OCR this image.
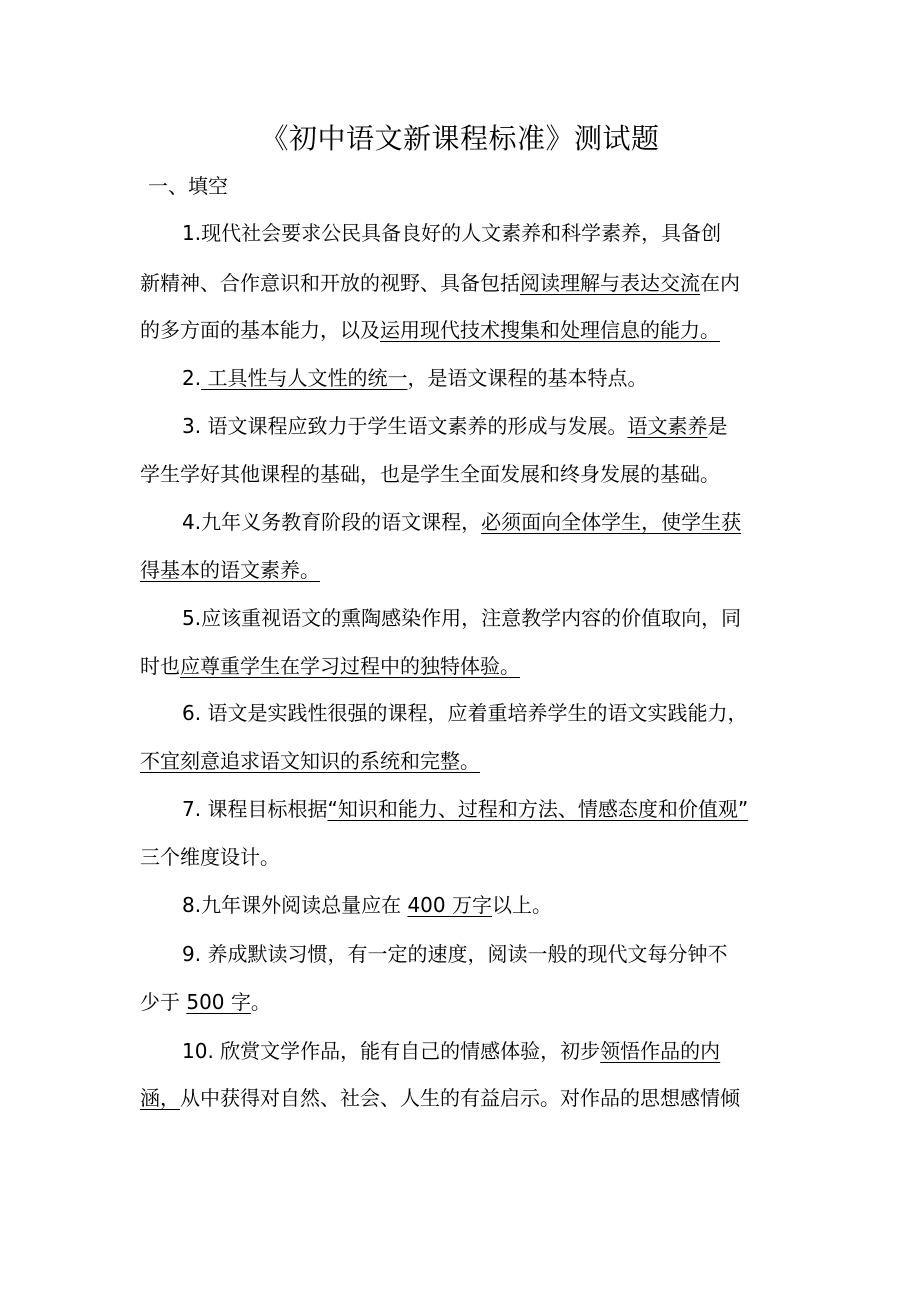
《初中语文新课程标准》测试题
一、填空
1.现代社会要求公民具备良好的人文素养和科学素养，具备创
新精神、合作意识和开放的视野、具备包括阅读理解与表达交流在内
的多方面的基本能力，以及运用现代技术搜集和处理信息的能力。
2. 工具性与人文性的统一，是语文课程的基本特点。
3. 语文课程应致力于学生语文素养的形成与发展。语文素养是
学生学好其他课程的基础，也是学生全面发展和终身发展的基础。
4.九年义务教育阶段的语文课程，必须面向全体学生，使学生获
得基本的语文素养。
5.应该重视语文的熏陶感染作用，注意教学内容的价值取向，同
时也应尊重学生在学习过程中的独特体验。
6. 语文是实践性很强的课程，应着重培养学生的语文实践能力，
不宜刻意追求语文知识的系统和完整。
7. 课程目标根据“知识和能力、过程和方法、情感态度和价值观”
三个维度设计。
8.九年课外阅读总量应在 400 万字以上。
9. 养成默读习惯，有一定的速度，阅读一般的现代文每分钟不
少于 500 字。
10. 欣赏文学作品，能有自己的情感体验，初步领悟作品的内
涵，从中获得对自然、社会、人生的有益启示。对作品的思想感情倾
